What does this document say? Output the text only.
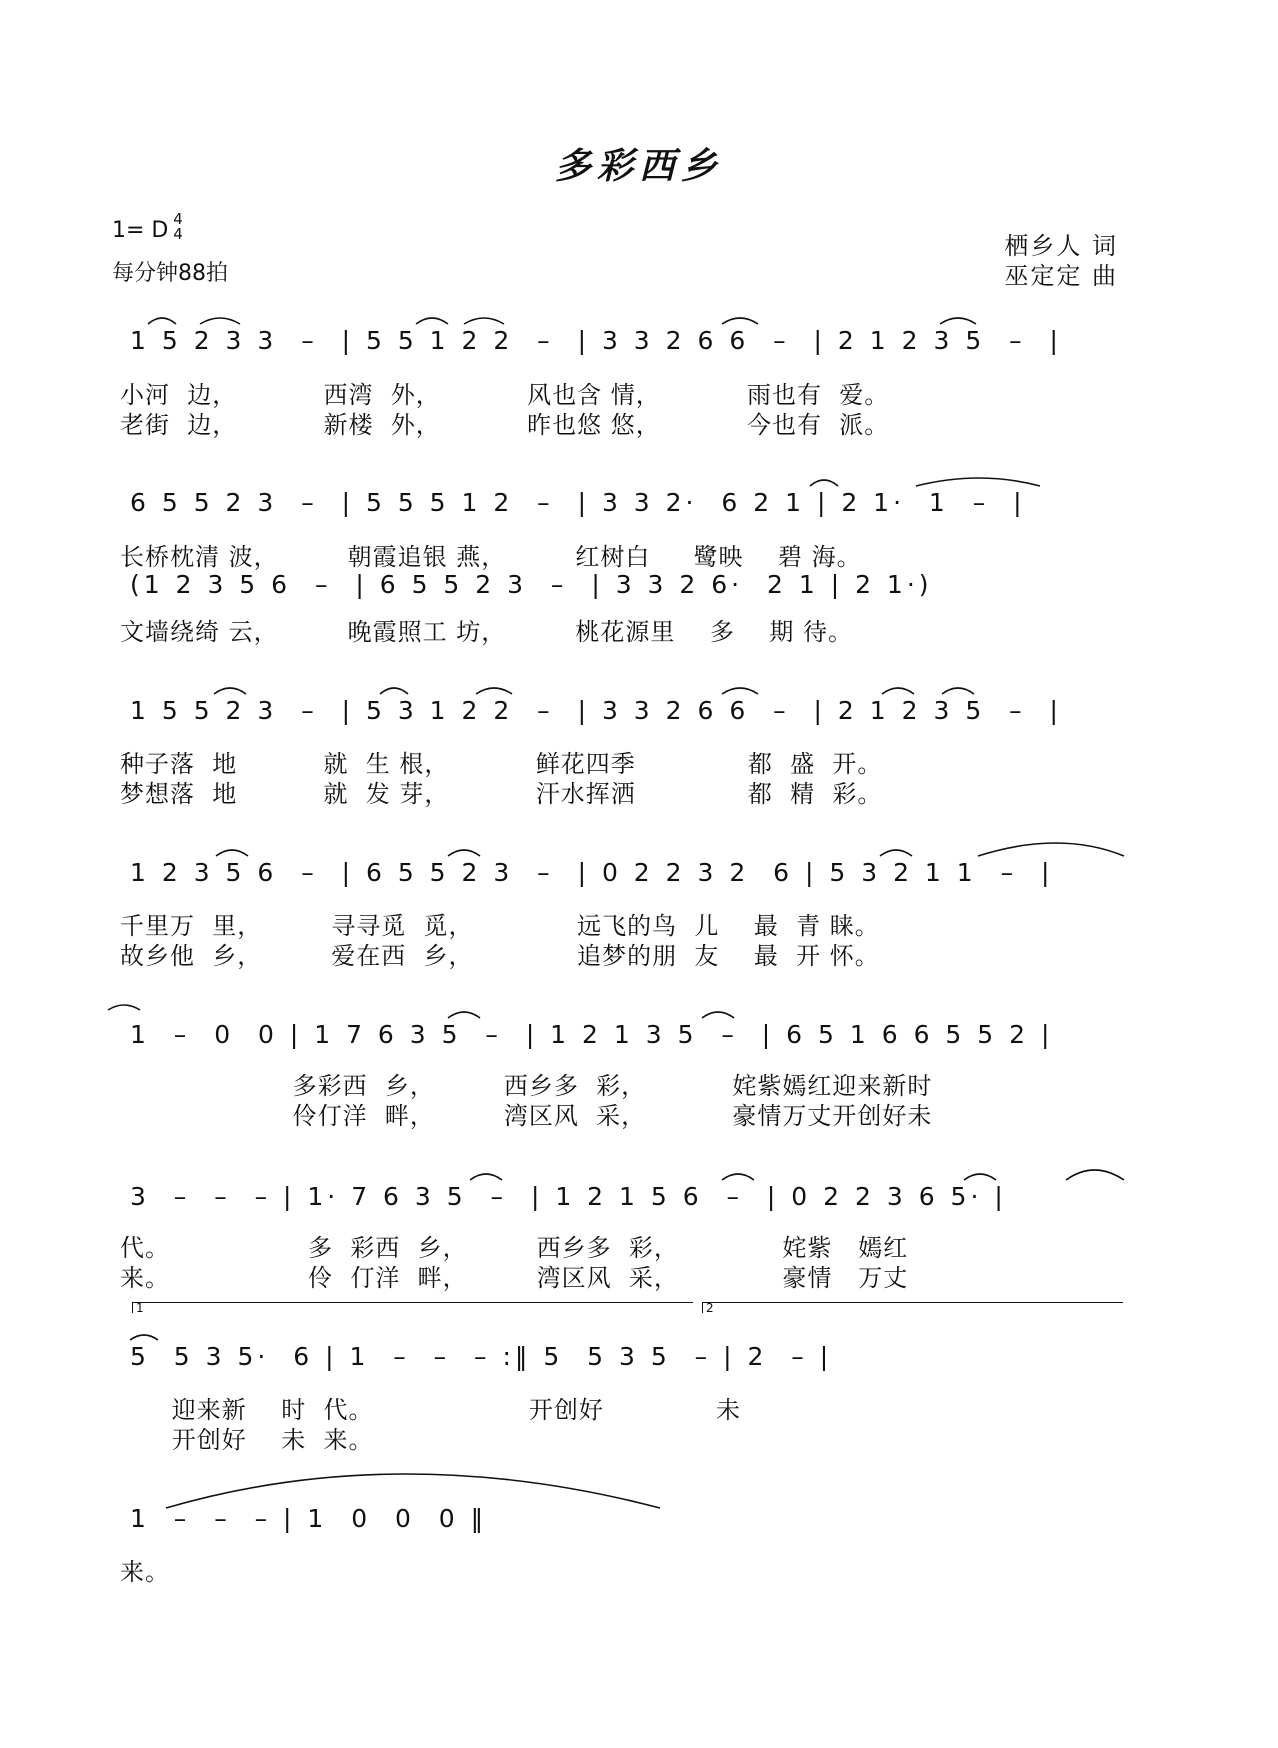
多彩西乡
1= D 4
4
每分钟88拍
栖乡人 词
巫定定 曲
1 5 2 3 3  –  | 5 5 1 2 2  –  | 3 3 2 6 6  –  | 2 1 2 3 5  –  |
小河  边，          西湾  外，          风也含 情，          雨也有  爱。
老街  边，          新楼  外，          昨也悠 悠，          今也有  派。
6 5 5 2 3  –  | 5 5 5 1 2  –  | 3 3 2·  6 2 1 | 2 1·  1  –  |
长桥枕清 波，        朝霞追银 燕，        红树白     鹭映    碧 海。
(1 2 3 5 6  –  | 6 5 5 2 3  –  | 3 3 2 6·  2 1 | 2 1·)
文墙绕绮 云，        晚霞照工 坊，        桃花源里    多    期 待。
1 5 5 2 3  –  | 5 3 1 2 2  –  | 3 3 2 6 6  –  | 2 1 2 3 5  –  |
种子落  地          就  生 根，          鲜花四季             都  盛  开。
梦想落  地          就  发 芽，          汗水挥洒             都  精  彩。
1 2 3 5 6  –  | 6 5 5 2 3  –  | 0 2 2 3 2  6 | 5 3 2 1 1  –  |
千里万  里，        寻寻觅  觅，            远飞的鸟  儿    最  青 睐。
故乡他  乡，        爱在西  乡，            追梦的朋  友    最  开 怀。
1  –  0  0 | 1 7 6 3 5  –  | 1 2 1 3 5  –  | 6 5 1 6 6 5 5 2 |
多彩西  乡，        西乡多  彩，          姹紫嫣红迎来新时
伶仃洋  畔，        湾区风  采，          豪情万丈开创好未
3  –  –  – | 1· 7 6 3 5  –  | 1 2 1 5 6  –  | 0 2 2 3 6 5· |
代。                多  彩西  乡，        西乡多  彩，            姹紫   嫣红
来。                伶  仃洋  畔，        湾区风  采，            豪情   万丈
1	2
5  5 3 5·  6 | 1  –  –  – :‖ 5  5 3 5  – | 2  – |
迎来新    时  代。                  开创好             未
开创好    未  来。
1  –  –  – | 1  0  0  0 ‖
来。
